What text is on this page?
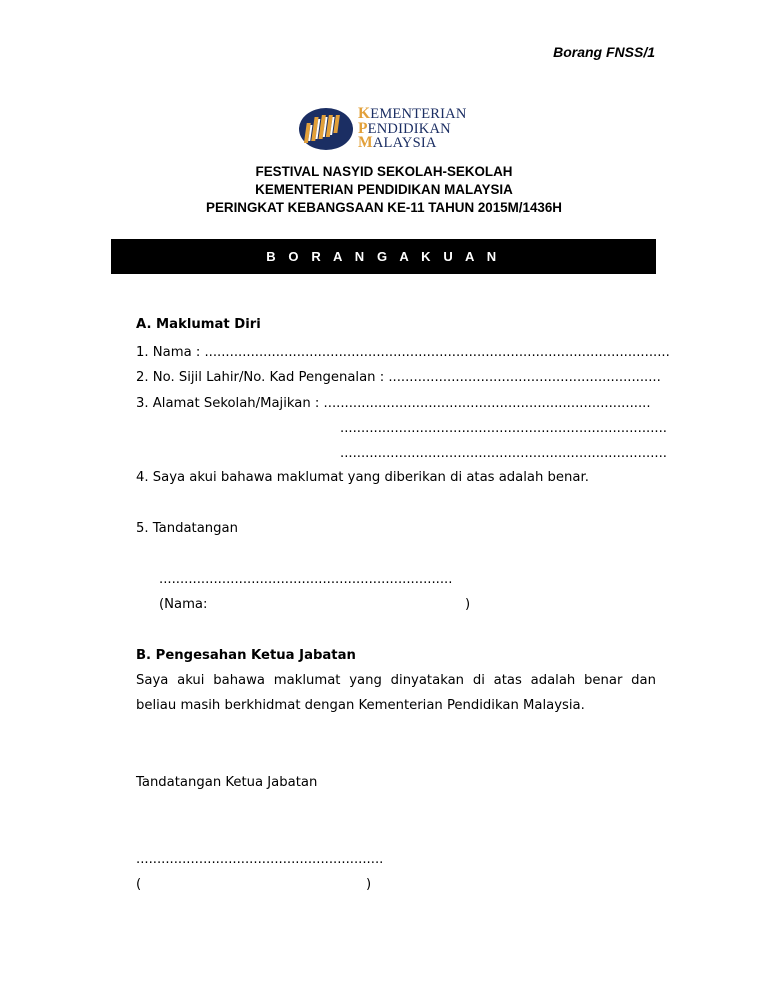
Borang FNSS/1
KEMENTERIAN
PENDIDIKAN
MALAYSIA
FESTIVAL NASYID SEKOLAH-SEKOLAH
KEMENTERIAN PENDIDIKAN MALAYSIA
PERINGKAT KEBANGSAAN KE-11 TAHUN 2015M/1436H
B O R A N G A K U A N
A. Maklumat Diri
1. Nama : ...............................................................................................................
2. No. Sijil Lahir/No. Kad Pengenalan : .................................................................
3. Alamat Sekolah/Majikan : ..............................................................................
..............................................................................
..............................................................................
4. Saya akui bahawa maklumat yang diberikan di atas adalah benar.
5. Tandatangan
......................................................................
(Nama:	)
B. Pengesahan Ketua Jabatan
Saya akui bahawa maklumat yang dinyatakan di atas adalah benar dan
beliau masih berkhidmat dengan Kementerian Pendidikan Malaysia.
Tandatangan Ketua Jabatan
...........................................................
(	)
